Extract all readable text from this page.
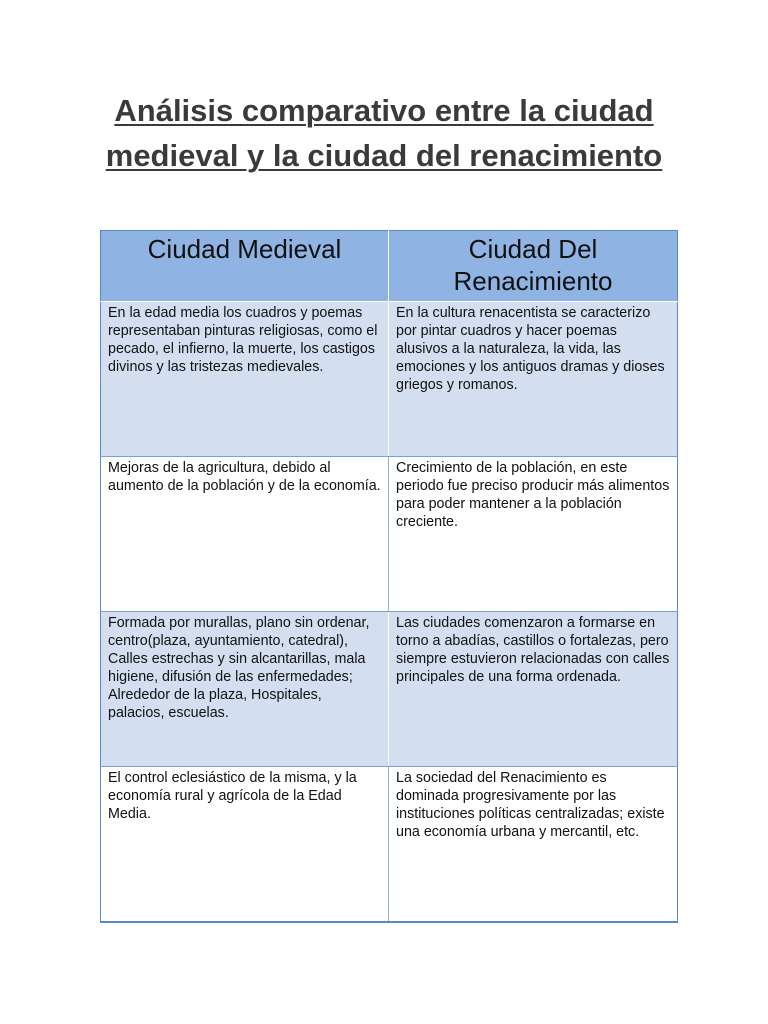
Análisis comparativo entre la ciudad
medieval y la ciudad del renacimiento
Ciudad Medieval	Ciudad Del Renacimiento
En la edad media los cuadros y poemas representaban pinturas religiosas, como el pecado, el infierno, la muerte, los castigos divinos y las tristezas medievales.	En la cultura renacentista se caracterizo por pintar cuadros y hacer poemas alusivos a la naturaleza, la vida, las emociones y los antiguos dramas y dioses griegos y romanos.
Mejoras de la agricultura, debido al aumento de la población y de la economía.	Crecimiento de la población, en este periodo fue preciso producir más alimentos para poder mantener a la población creciente.
Formada por murallas, plano sin ordenar, centro(plaza, ayuntamiento, catedral),
Calles estrechas y sin alcantarillas, mala higiene, difusión de las enfermedades;
Alrededor de la plaza, Hospitales, palacios, escuelas.	Las ciudades comenzaron a formarse en torno a abadías, castillos o fortalezas, pero siempre estuvieron relacionadas con calles principales de una forma ordenada.
El control eclesiástico de la misma, y la economía rural y agrícola de la Edad Media.	La sociedad del Renacimiento es dominada progresivamente por las instituciones políticas centralizadas; existe una economía urbana y mercantil, etc.
